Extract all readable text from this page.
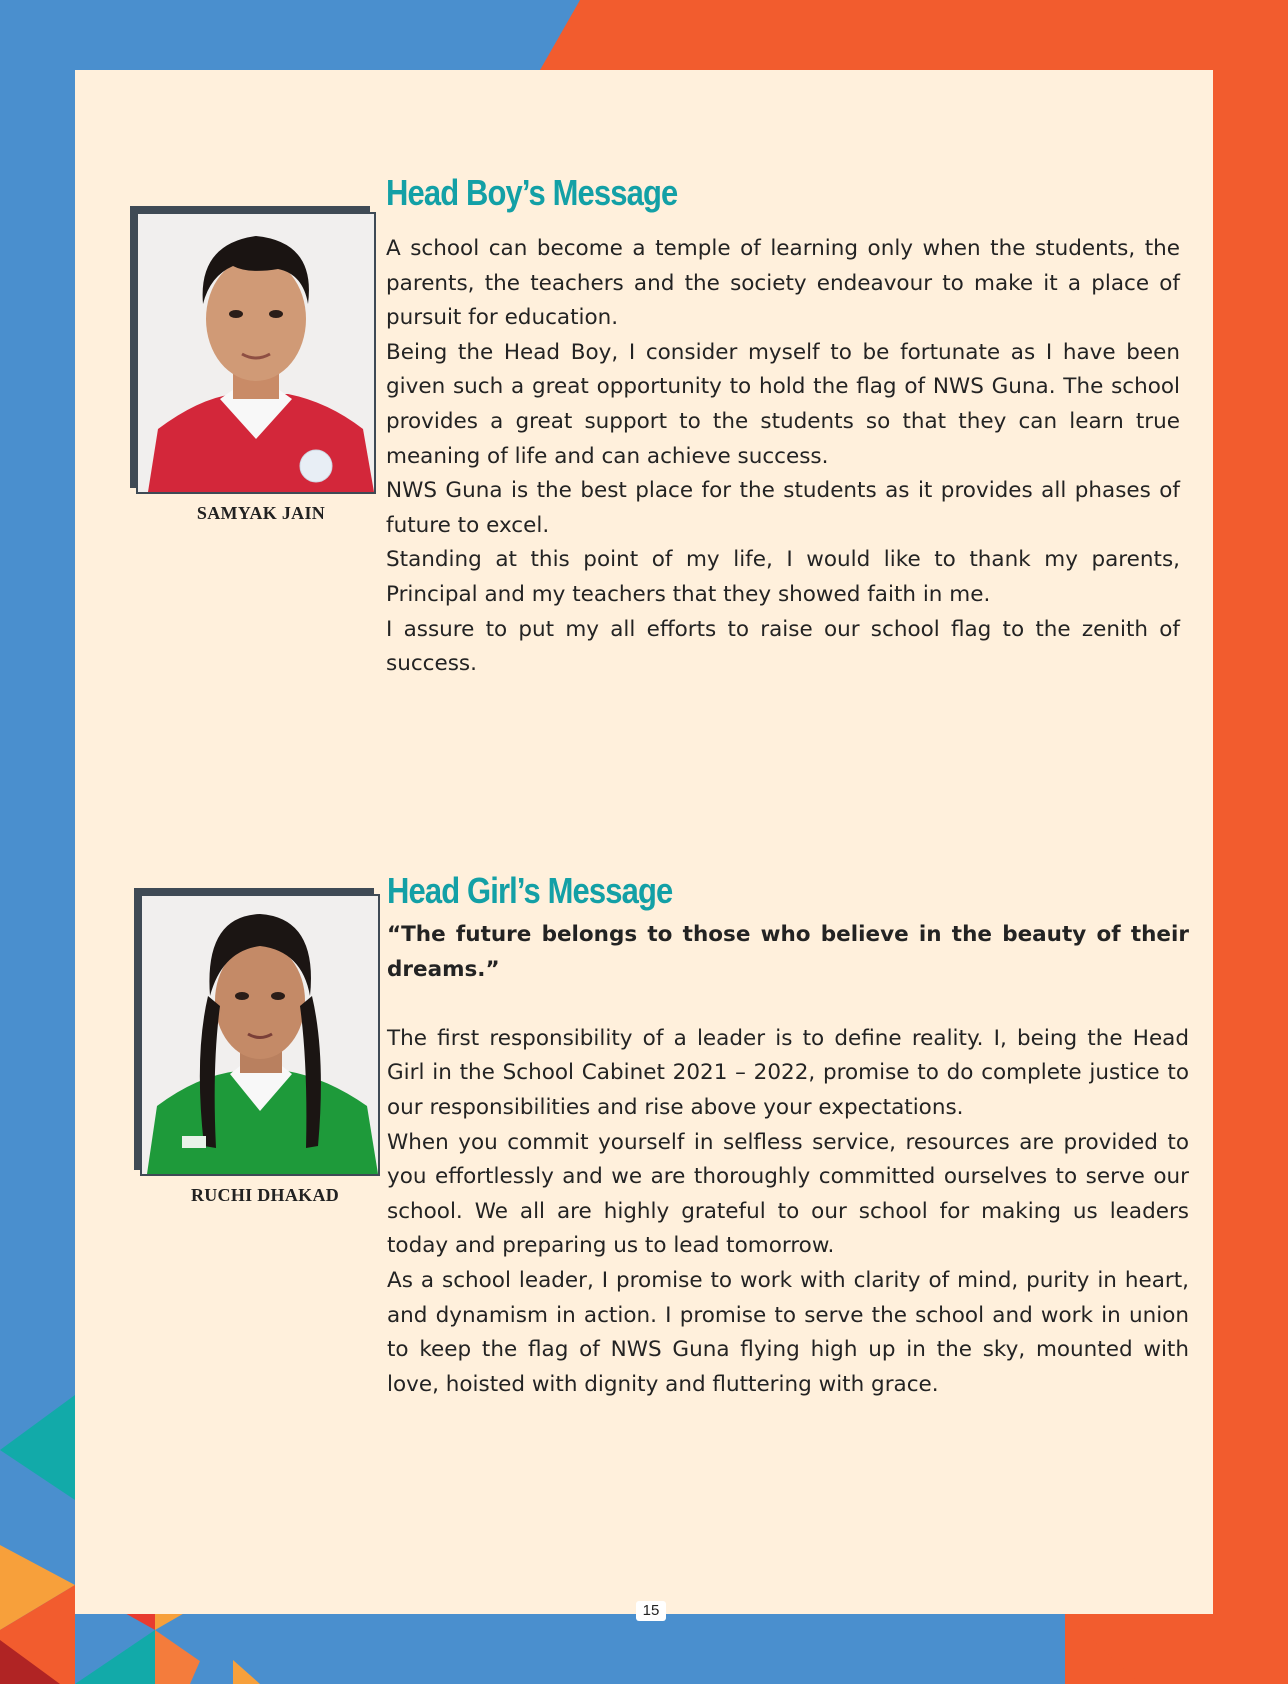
SAMYAK JAIN
Head Boy’s Message

A school can become a temple of learning only when the students, the parents, the teachers and the society endeavour to make it a place of pursuit for education.

Being the Head Boy, I consider myself to be fortunate as I have been given such a great opportunity to hold the flag of NWS Guna. The school provides a great support to the students so that they can learn true meaning of life and can achieve success.

NWS Guna is the best place for the students as it provides all phases of future to excel.

Standing at this point of my life, I would like to thank my parents, Principal and my teachers that they showed faith in me.

I assure to put my all efforts to raise our school flag to the zenith of success.

RUCHI DHAKAD
Head Girl’s Message

“The future belongs to those who believe in the beauty of their dreams.”

The first responsibility of a leader is to define reality. I, being the Head Girl in the School Cabinet 2021 – 2022, promise to do complete justice to our responsibilities and rise above your expectations.

When you commit yourself in selfless service, resources are provided to you effortlessly and we are thoroughly committed ourselves to serve our school. We all are highly grateful to our school for making us leaders today and preparing us to lead tomorrow.

As a school leader, I promise to work with clarity of mind, purity in heart, and dynamism in action. I promise to serve the school and work in union to keep the flag of NWS Guna flying high up in the sky, mounted with love, hoisted with dignity and fluttering with grace.

15
